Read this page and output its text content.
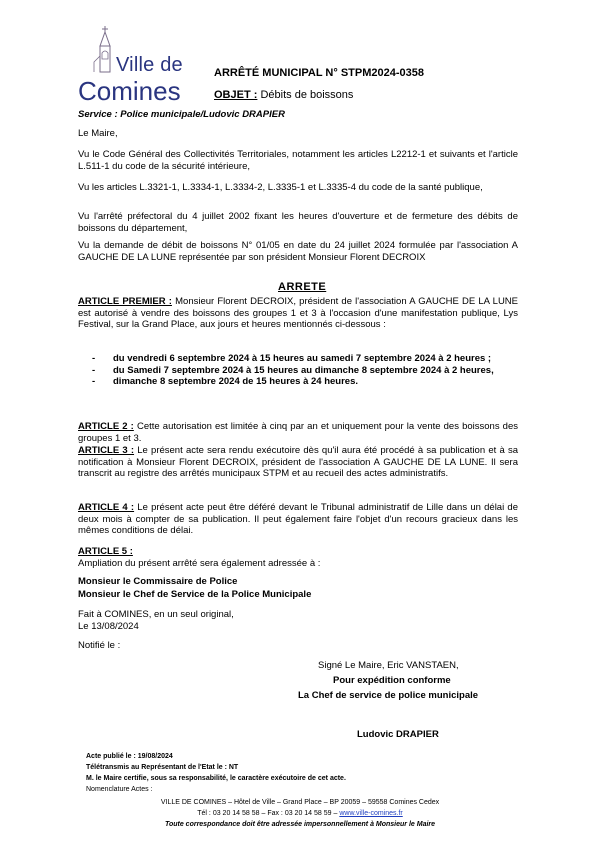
Ville de
Comines
ARRÊTÉ MUNICIPAL N° STPM2024-0358
OBJET : Débits de boissons
Service : Police municipale/Ludovic DRAPIER

Le Maire,

Vu le Code Général des Collectivités Territoriales, notamment les articles L2212-1 et suivants et l'article L.511-1 du code de la sécurité intérieure,

Vu les articles L.3321-1, L.3334-1, L.3334-2, L.3335-1 et L.3335-4 du code de la santé publique,

Vu l'arrêté préfectoral du 4 juillet 2002 fixant les heures d'ouverture et de fermeture des débits de boissons du département,

Vu la demande de débit de boissons N° 01/05 en date du 24 juillet 2024 formulée par l'association A GAUCHE DE LA LUNE représentée par son président Monsieur Florent DECROIX

ARRETE

ARTICLE PREMIER : Monsieur Florent DECROIX, président de l'association A GAUCHE DE LA LUNE est autorisé à vendre des boissons des groupes 1 et 3 à l'occasion d'une manifestation publique, Lys Festival, sur la Grand Place, aux jours et heures mentionnés ci-dessous :

- du vendredi 6 septembre 2024 à 15 heures au samedi 7 septembre 2024 à 2 heures ;
- du Samedi 7 septembre 2024 à 15 heures au dimanche 8 septembre 2024 à 2 heures,
- dimanche 8 septembre 2024 de 15 heures à 24 heures.

ARTICLE 2 : Cette autorisation est limitée à cinq par an et uniquement pour la vente des boissons des groupes 1 et 3.

ARTICLE 3 : Le présent acte sera rendu exécutoire dès qu'il aura été procédé à sa publication et à sa notification à Monsieur Florent DECROIX, président de l'association A GAUCHE DE LA LUNE. Il sera transcrit au registre des arrêtés municipaux STPM et au recueil des actes administratifs.

ARTICLE 4 : Le présent acte peut être déféré devant le Tribunal administratif de Lille dans un délai de deux mois à compter de sa publication. Il peut également faire l'objet d'un recours gracieux dans les mêmes conditions de délai.

ARTICLE 5 :

Ampliation du présent arrêté sera également adressée à :

Monsieur le Commissaire de Police

Monsieur le Chef de Service de la Police Municipale

Fait à COMINES, en un seul original,

Le 13/08/2024

Notifié le :

Signé Le Maire, Eric VANSTAEN,
Pour expédition conforme
La Chef de service de police municipale
Ludovic DRAPIER
Acte publié le : 19/08/2024
Télétransmis au Représentant de l'Etat le : NT
M. le Maire certifie, sous sa responsabilité, le caractère exécutoire de cet acte.
Nomenclature Actes :
VILLE DE COMINES – Hôtel de Ville – Grand Place – BP 20059 – 59558 Comines Cedex
Tél : 03 20 14 58 58 – Fax : 03 20 14 58 59 – www.ville-comines.fr
Toute correspondance doit être adressée impersonnellement à Monsieur le Maire
